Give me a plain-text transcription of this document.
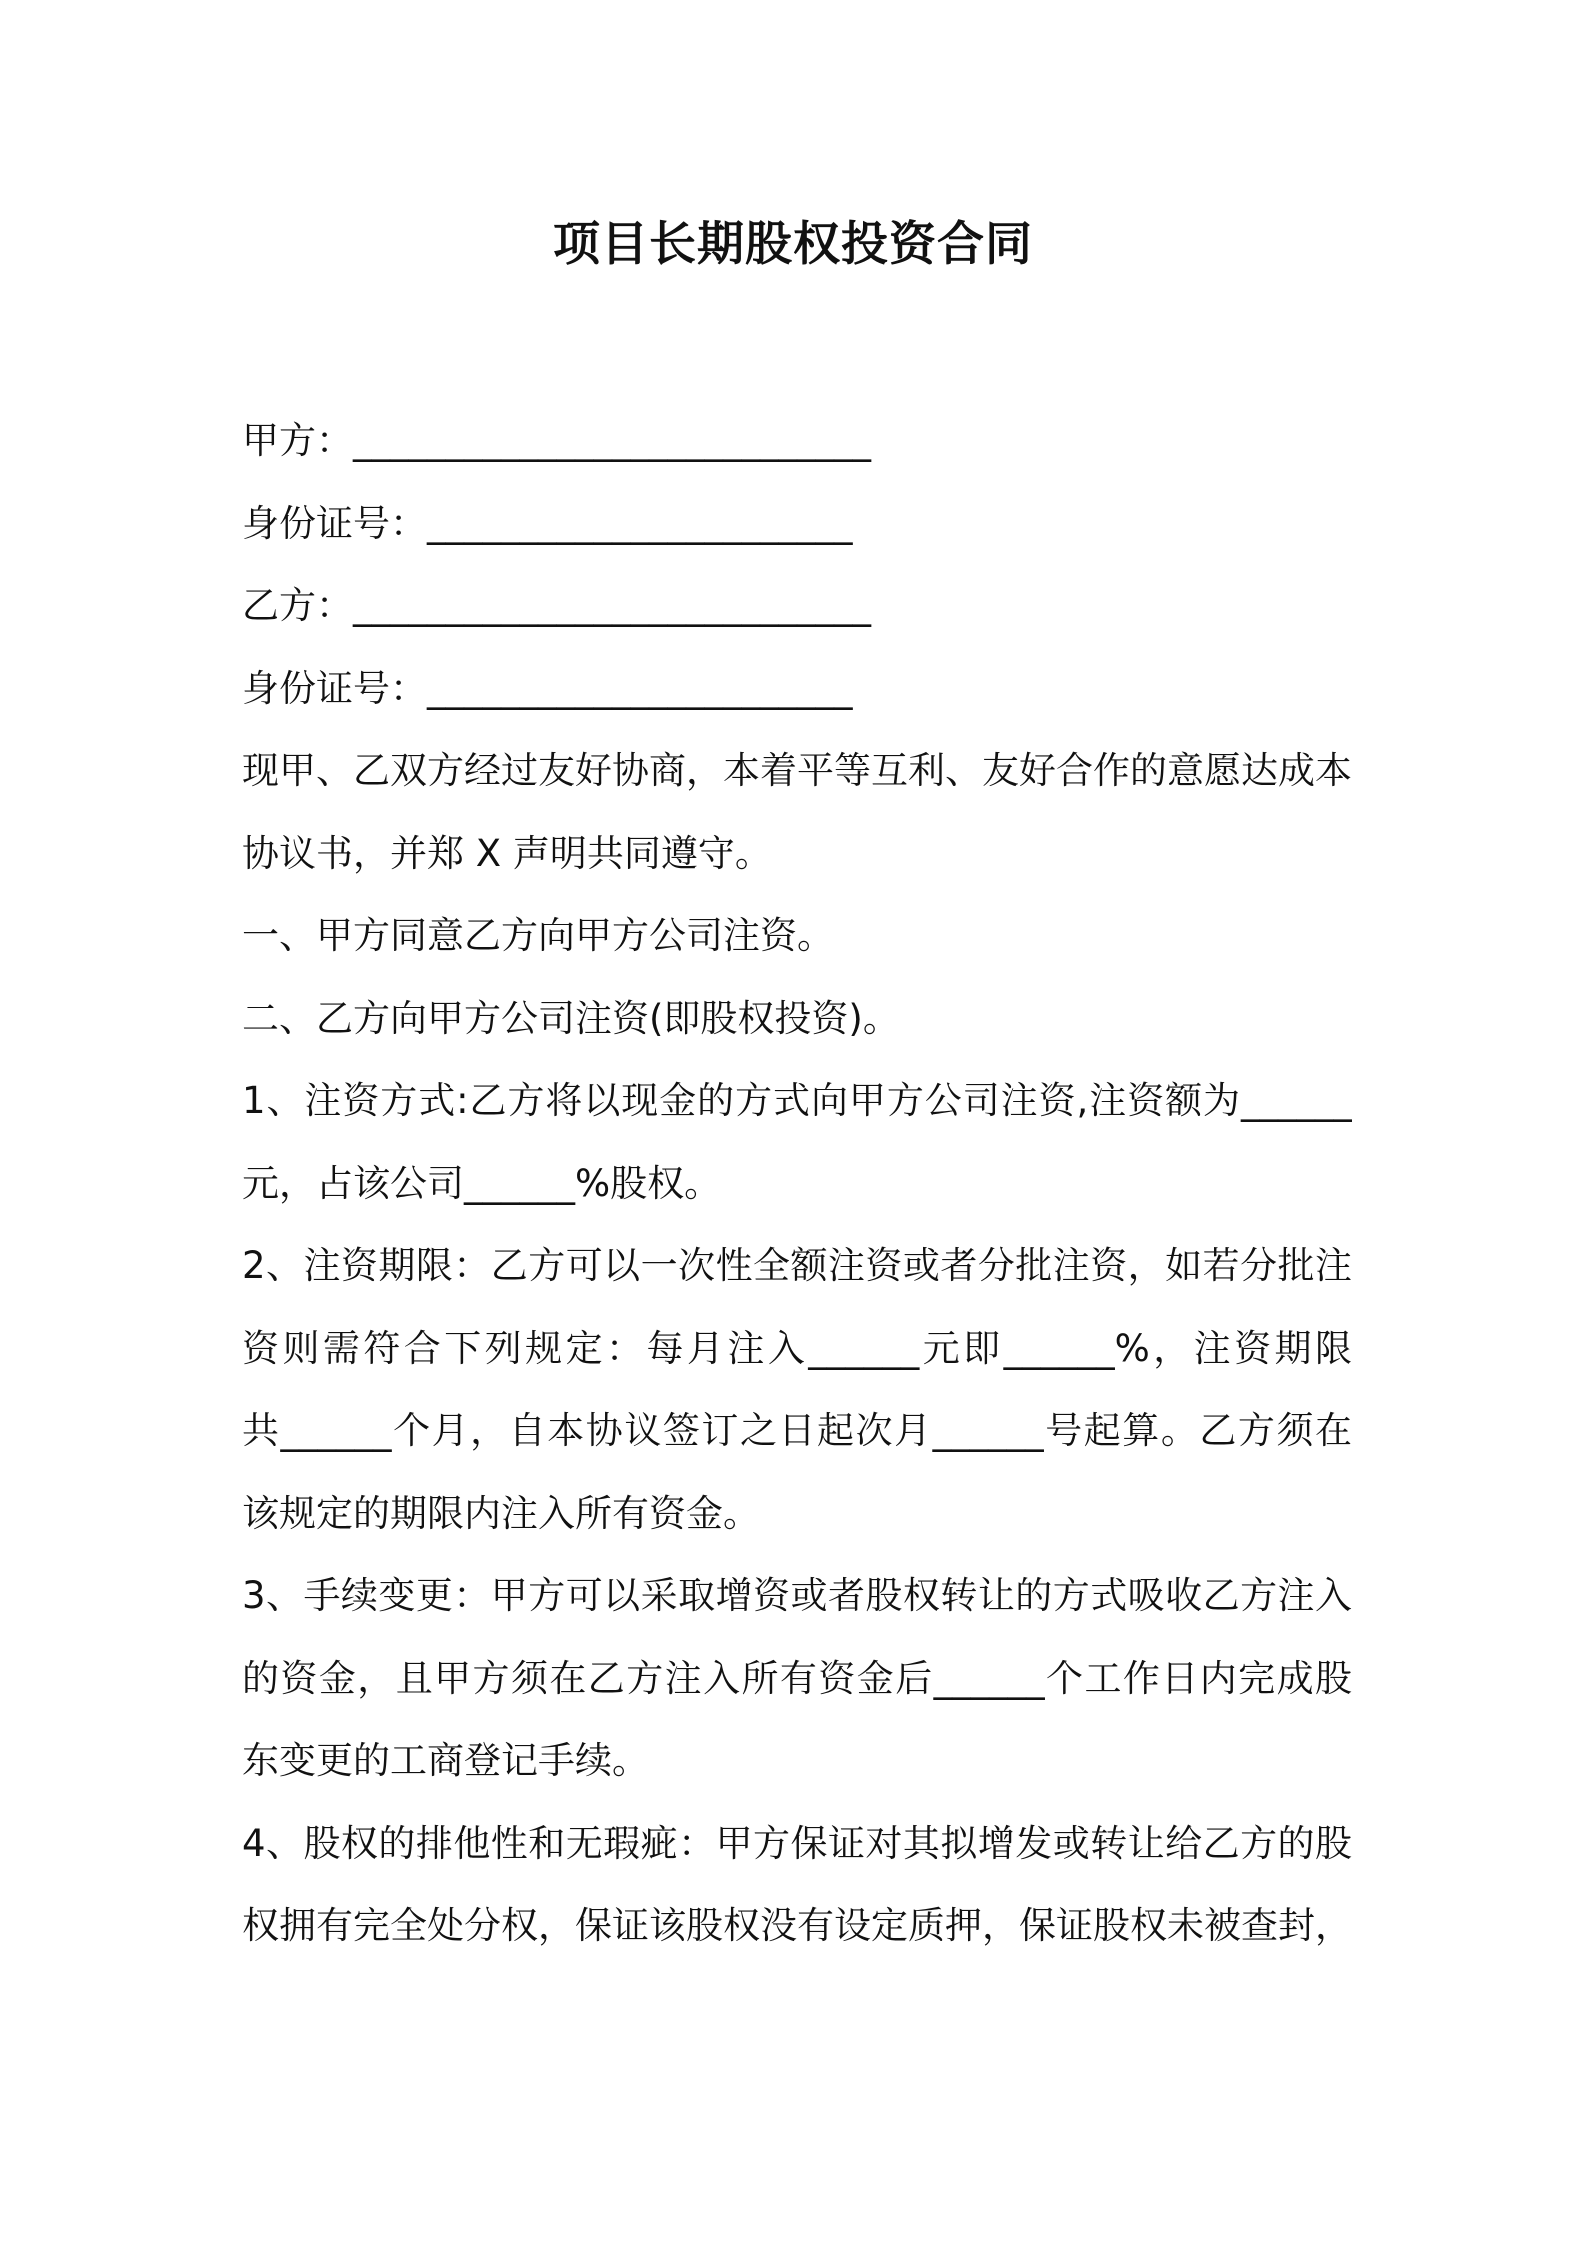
项目长期股权投资合同
甲方：____________________________
身份证号：_______________________
乙方：____________________________
身份证号：_______________________
现甲、乙双方经过友好协商，本着平等互利、友好合作的意愿达成本
协议书，并郑 X 声明共同遵守。
一、甲方同意乙方向甲方公司注资。
二、乙方向甲方公司注资(即股权投资)。
1、注资方式:乙方将以现金的方式向甲方公司注资,注资额为______
元，占该公司______%股权。
2、注资期限：乙方可以一次性全额注资或者分批注资，如若分批注
资则需符合下列规定：每月注入______元即______%，注资期限
共______个月，自本协议签订之日起次月______号起算。乙方须在
该规定的期限内注入所有资金。
3、手续变更：甲方可以采取增资或者股权转让的方式吸收乙方注入
的资金，且甲方须在乙方注入所有资金后______个工作日内完成股
东变更的工商登记手续。
4、股权的排他性和无瑕疵：甲方保证对其拟增发或转让给乙方的股
权拥有完全处分权，保证该股权没有设定质押，保证股权未被查封，
